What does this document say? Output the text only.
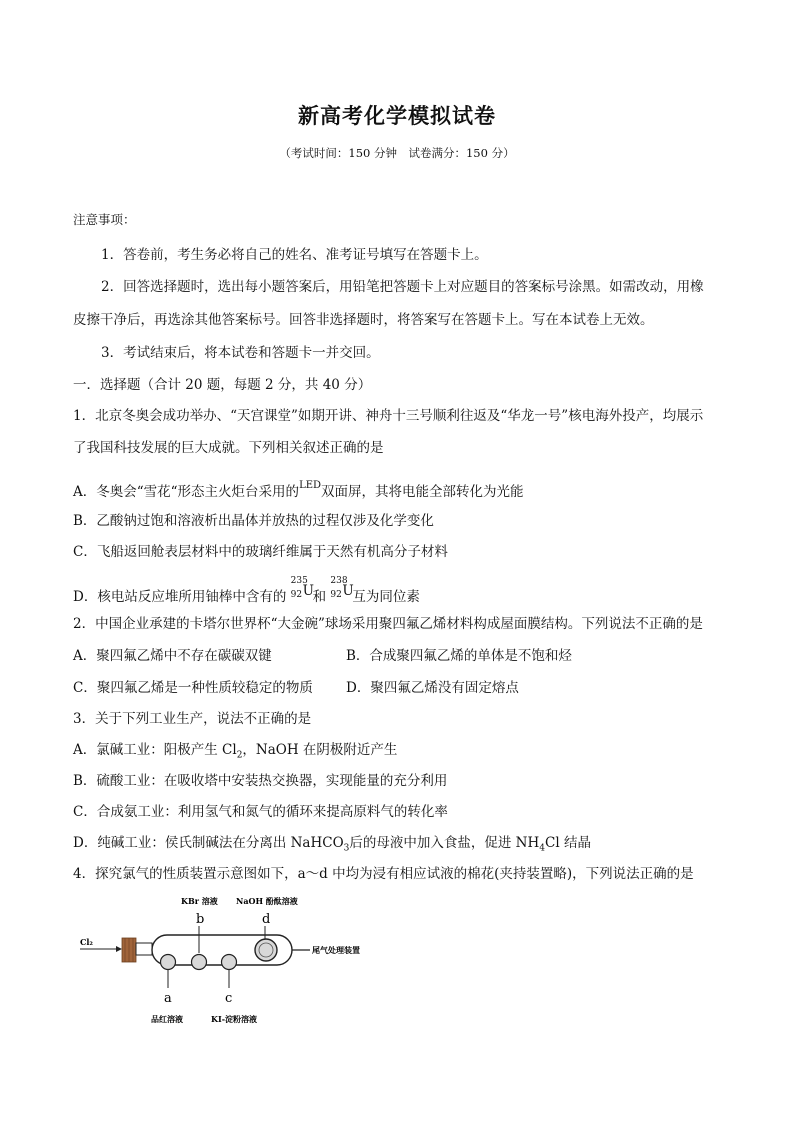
新高考化学模拟试卷
（考试时间：150 分钟　试卷满分：150 分）
注意事项：
1．答卷前，考生务必将自己的姓名、准考证号填写在答题卡上。
2．回答选择题时，选出每小题答案后，用铅笔把答题卡上对应题目的答案标号涂黑。如需改动，用橡
皮擦干净后，再选涂其他答案标号。回答非选择题时，将答案写在答题卡上。写在本试卷上无效。
3．考试结束后，将本试卷和答题卡一并交回。
一．选择题（合计 20 题，每题 2 分，共 40 分）
1．北京冬奥会成功举办、“天宫课堂”如期开讲、神舟十三号顺利往返及“华龙一号”核电海外投产，均展示
了我国科技发展的巨大成就。下列相关叙述正确的是
A．冬奥会“雪花“形态主火炬台采用的LED双面屏，其将电能全部转化为光能
B．乙酸钠过饱和溶液析出晶体并放热的过程仅涉及化学变化
C．飞船返回舱表层材料中的玻璃纤维属于天然有机高分子材料
D．核电站反应堆所用铀棒中含有的
235
92 U
和
238
92 U
互为同位素
2．中国企业承建的卡塔尔世界杯“大金碗”球场采用聚四氟乙烯材料构成屋面膜结构。下列说法不正确的是
A．聚四氟乙烯中不存在碳碳双键	B．合成聚四氟乙烯的单体是不饱和烃
C．聚四氟乙烯是一种性质较稳定的物质 D．聚四氟乙烯没有固定熔点
3．关于下列工业生产，说法不正确的是
A．氯碱工业：阳极产生 $Cl_2$，NaOH 在阴极附近产生
B．硫酸工业：在吸收塔中安装热交换器，实现能量的充分利用
C．合成氨工业：利用氢气和氮气的循环来提高原料气的转化率
D．纯碱工业：侯氏制碱法在分离出 NaHCO$_3$后的母液中加入食盐，促进 $NH_4Cl$ 结晶
4．探究氯气的性质装置示意图如下，a～d 中均为浸有相应试液的棉花(夹持装置略)，下列说法正确的是
KBr 溶液 NaOH 酚酞溶液
b	d
Cl₂
尾气处理装置
a	c
品红溶液	KI-淀粉溶液
